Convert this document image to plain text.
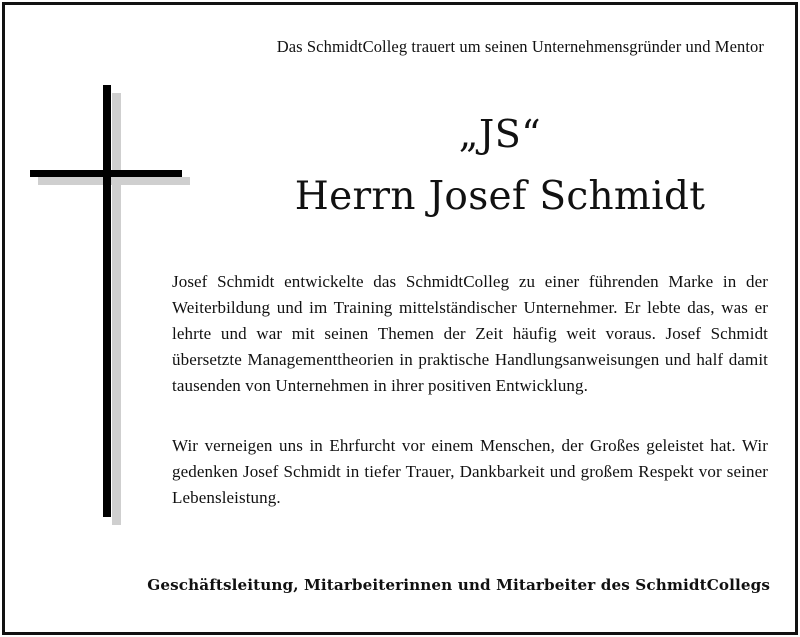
Das SchmidtColleg trauert um seinen Unternehmensgründer und Mentor
„JS“
Herrn Josef Schmidt
Josef Schmidt entwickelte das SchmidtColleg zu einer führenden Marke in der Weiterbildung und im Training mittelständischer Unternehmer. Er lebte das, was er lehrte und war mit seinen Themen der Zeit häufig weit voraus. Josef Schmidt übersetzte Managementtheorien in praktische Handlungsanweisungen und half damit tausenden von Unternehmen in ihrer positiven Entwicklung.
Wir verneigen uns in Ehrfurcht vor einem Menschen, der Großes geleistet hat. Wir gedenken Josef Schmidt in tiefer Trauer, Dankbarkeit und großem Respekt vor seiner Lebensleistung.
Geschäftsleitung, Mitarbeiterinnen und Mitarbeiter des SchmidtCollegs
